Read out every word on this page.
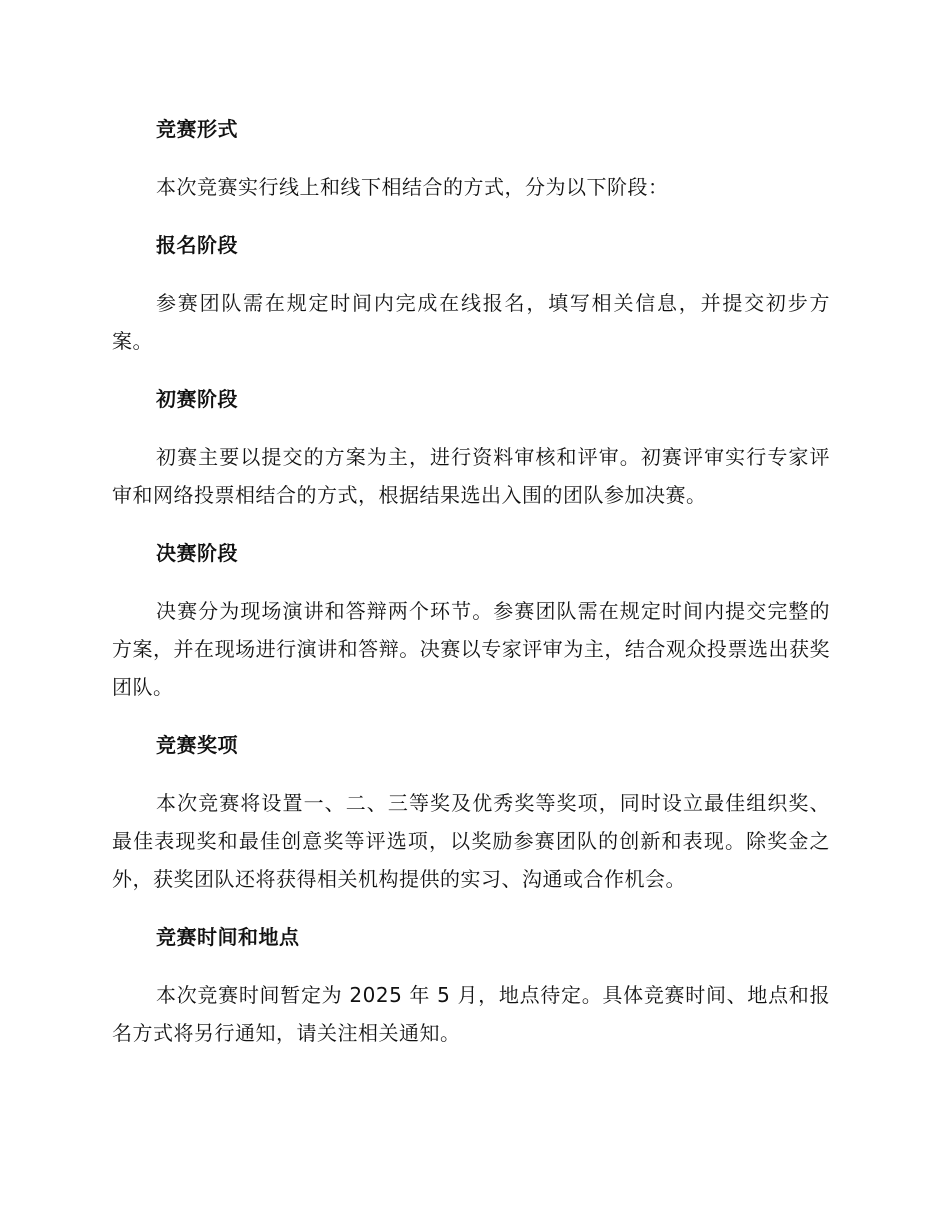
竞赛形式

本次竞赛实行线上和线下相结合的方式，分为以下阶段：

报名阶段

参赛团队需在规定时间内完成在线报名，填写相关信息，并提交初步方案。

初赛阶段

初赛主要以提交的方案为主，进行资料审核和评审。初赛评审实行专家评审和网络投票相结合的方式，根据结果选出入围的团队参加决赛。

决赛阶段

决赛分为现场演讲和答辩两个环节。参赛团队需在规定时间内提交完整的方案，并在现场进行演讲和答辩。决赛以专家评审为主，结合观众投票选出获奖团队。

竞赛奖项

本次竞赛将设置一、二、三等奖及优秀奖等奖项，同时设立最佳组织奖、最佳表现奖和最佳创意奖等评选项，以奖励参赛团队的创新和表现。除奖金之外，获奖团队还将获得相关机构提供的实习、沟通或合作机会。

竞赛时间和地点

本次竞赛时间暂定为 2025 年 5 月，地点待定。具体竞赛时间、地点和报名方式将另行通知，请关注相关通知。
